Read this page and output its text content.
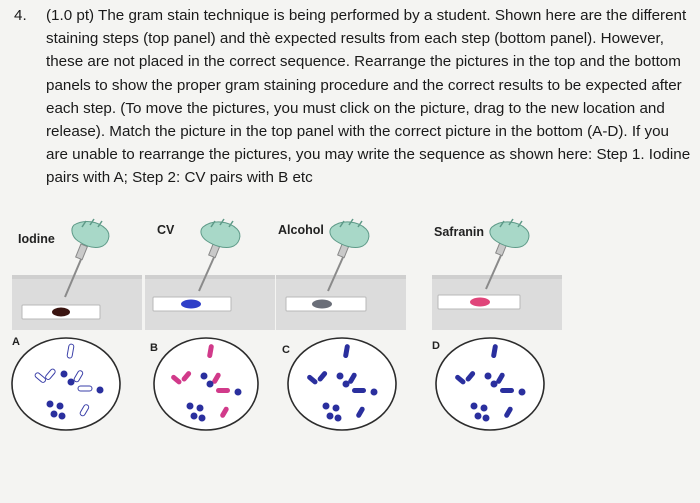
4. (1.0 pt) The gram stain technique is being performed by a student. Shown here are the different staining steps (top panel) and thè expected results from each step (bottom panel). However, these are not placed in the correct sequence. Rearrange the pictures in the top and the bottom panels to show the proper gram staining procedure and the correct results to be expected after each step. (To move the pictures, you must click on the picture, drag to the new location and release). Match the picture in the top panel with the correct picture in the bottom (A-D). If you are unable to rearrange the pictures, you may write the sequence as shown here: Step 1. Iodine pairs with A; Step 2: CV pairs with B etc
Iodine
CV	Alcohol	Safranin
A	B	C	D
